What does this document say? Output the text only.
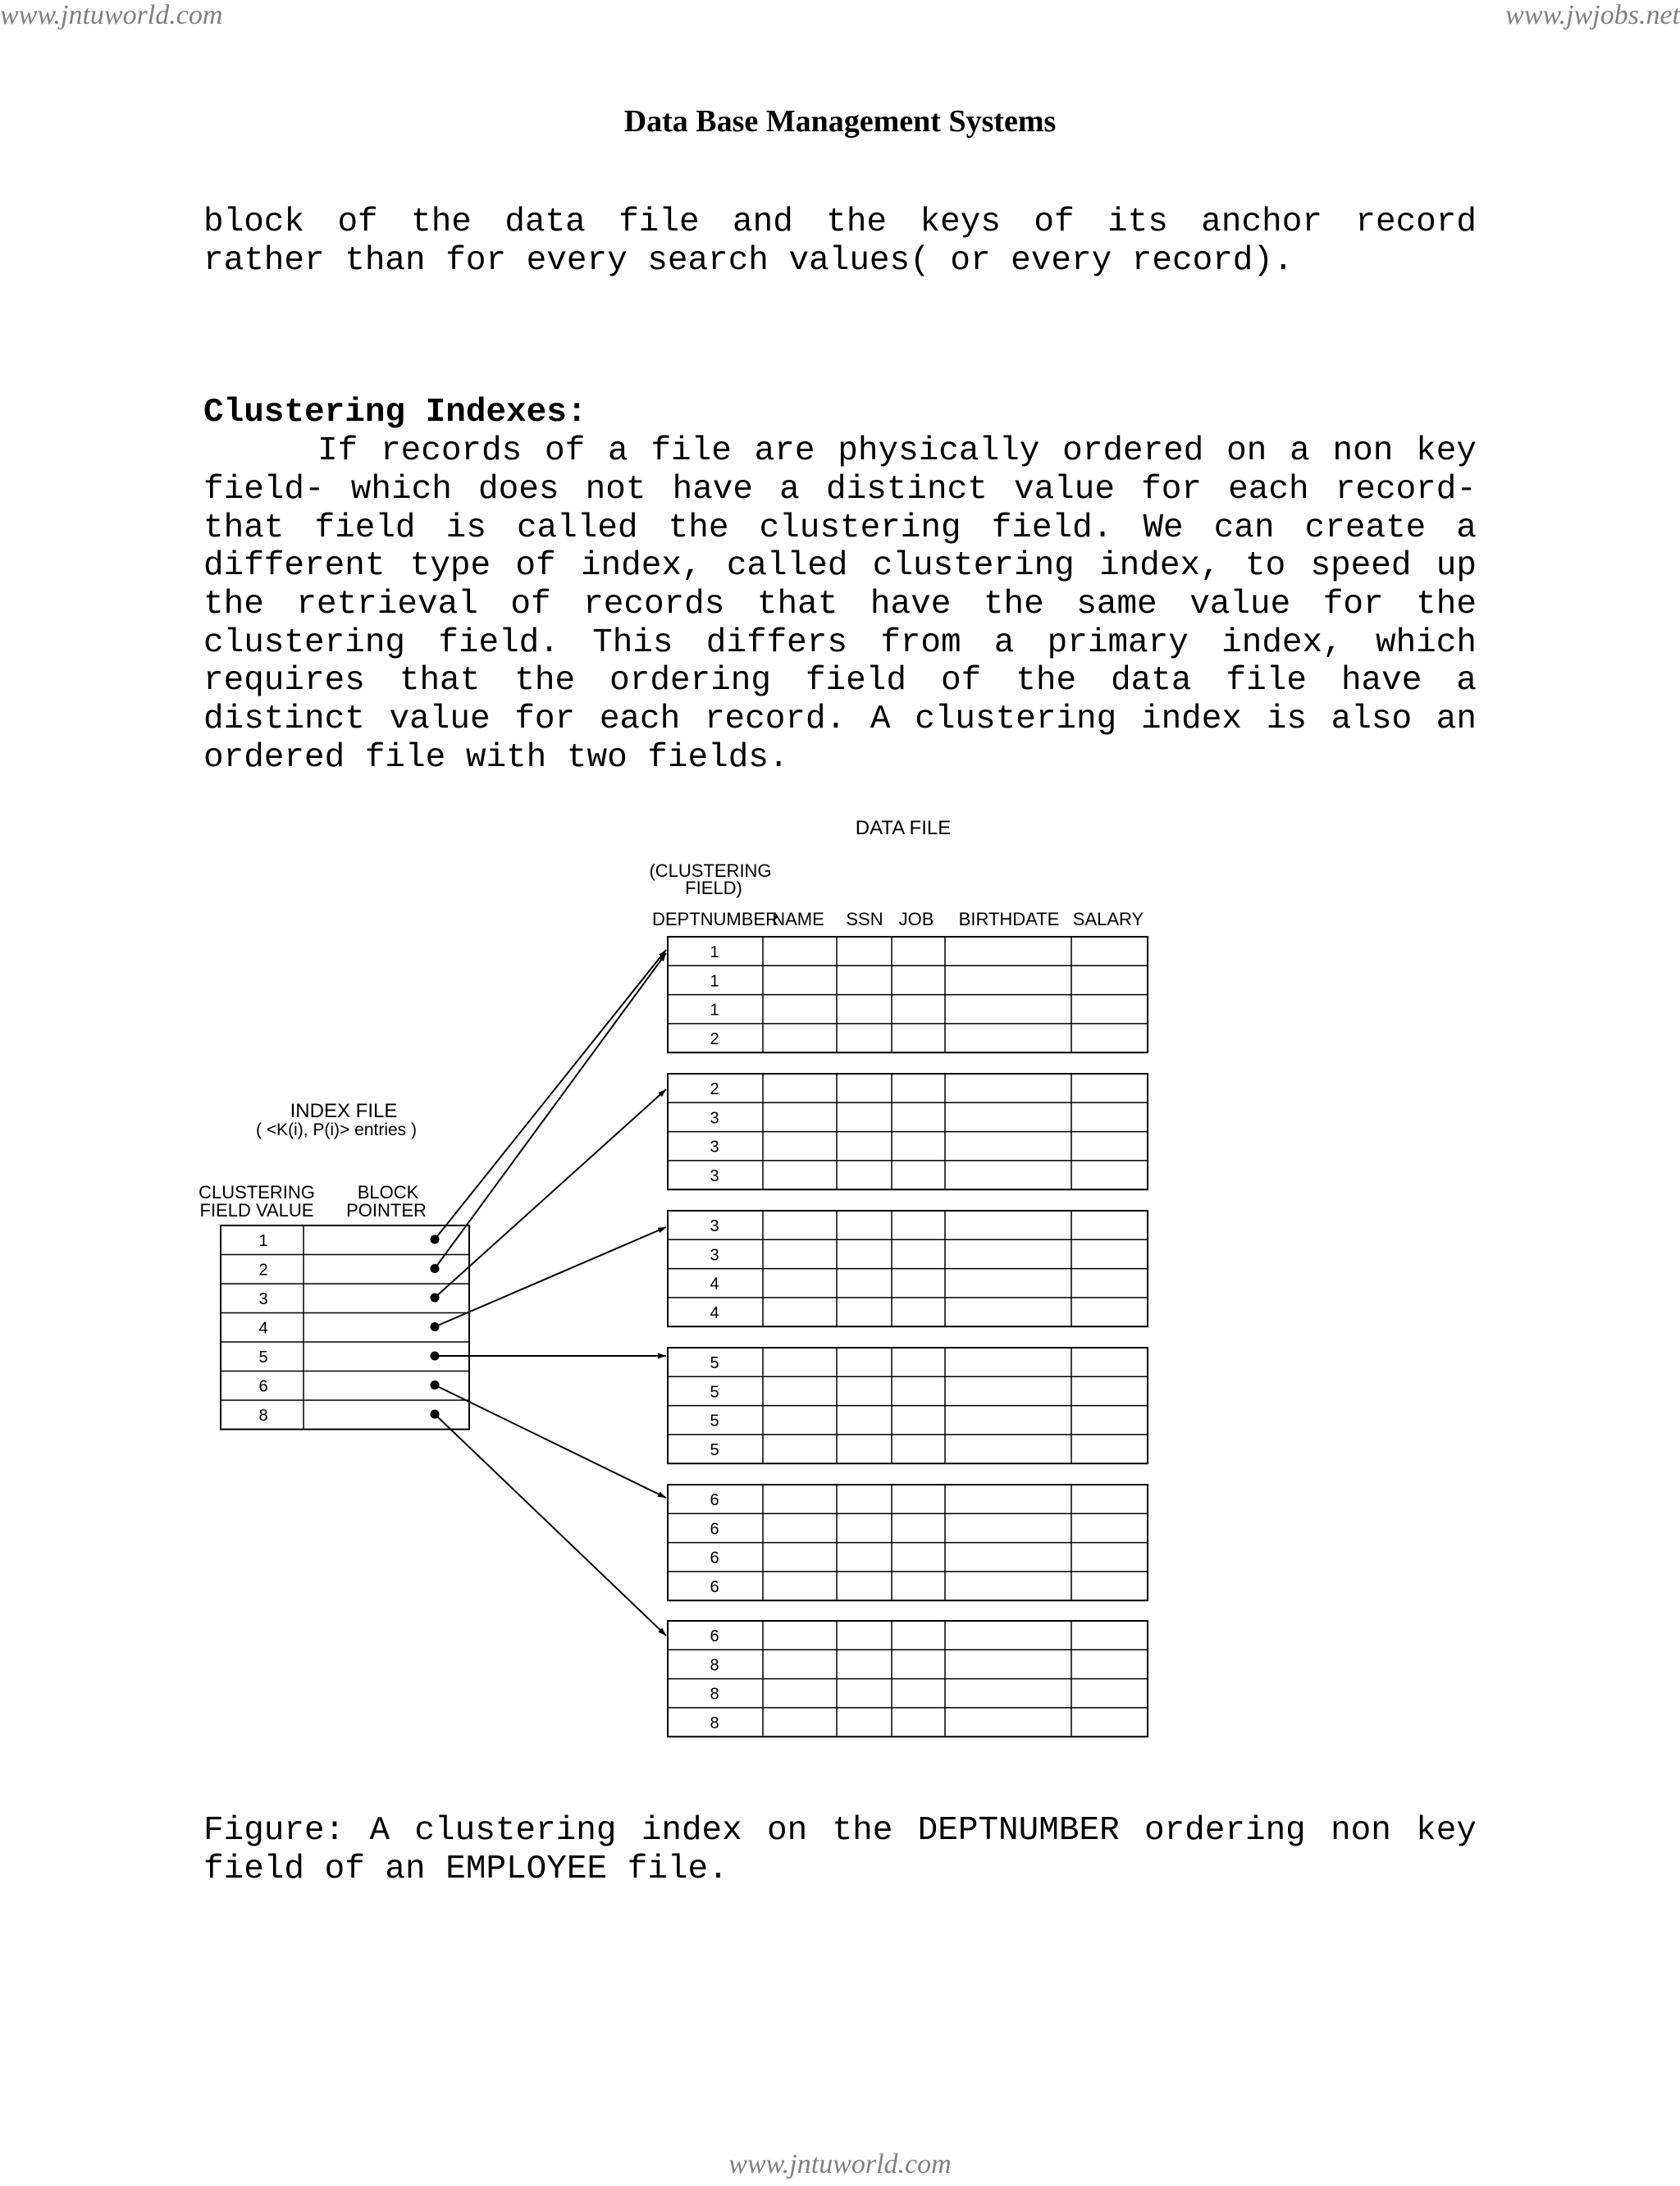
www.jntuworld.com	www.jwjobs.net
Data Base Management Systems
block of the data file and the keys of its anchor record
rather than for every search values( or every record).
Clustering Indexes:
If records of a file are physically ordered on a non key
field- which does not have a distinct value for each record-
that field is called the clustering field. We can create a
different type of index, called clustering index, to speed up
the retrieval of records that have the same value for the
clustering field. This differs from a primary index, which
requires that the ordering field of the data file have a
distinct value for each record. A clustering index is also an
ordered file with two fields.
DATA FILE
(CLUSTERING
FIELD)
DEPTNUMBER
NAME SSN JOB BIRTHDATE SALARY
1
1
1
2
2
3
3
3
3
3
4
4
5
5
5
5
6
6
6
6
6
8
8
8
INDEX FILE
( <K(i), P(i)> entries )
CLUSTERING
FIELD VALUE
BLOCK
POINTER
1
2
3
4
5
6
8
Figure: A clustering index on the DEPTNUMBER ordering non key
field of an EMPLOYEE file.
www.jntuworld.com
